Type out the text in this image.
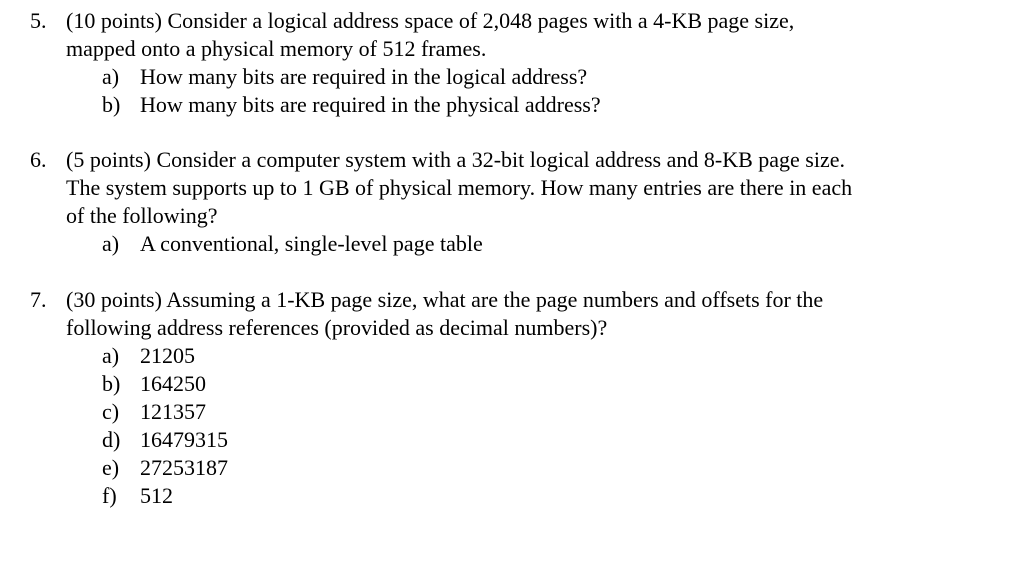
5. (10 points) Consider a logical address space of 2,048 pages with a 4-KB page size,
mapped onto a physical memory of 512 frames.
a) How many bits are required in the logical address?
b) How many bits are required in the physical address?
6. (5 points) Consider a computer system with a 32-bit logical address and 8-KB page size.
The system supports up to 1 GB of physical memory. How many entries are there in each
of the following?
a) A conventional, single-level page table
7. (30 points) Assuming a 1-KB page size, what are the page numbers and offsets for the
following address references (provided as decimal numbers)?
a) 21205
b) 164250
c) 121357
d) 16479315
e) 27253187
f) 512
